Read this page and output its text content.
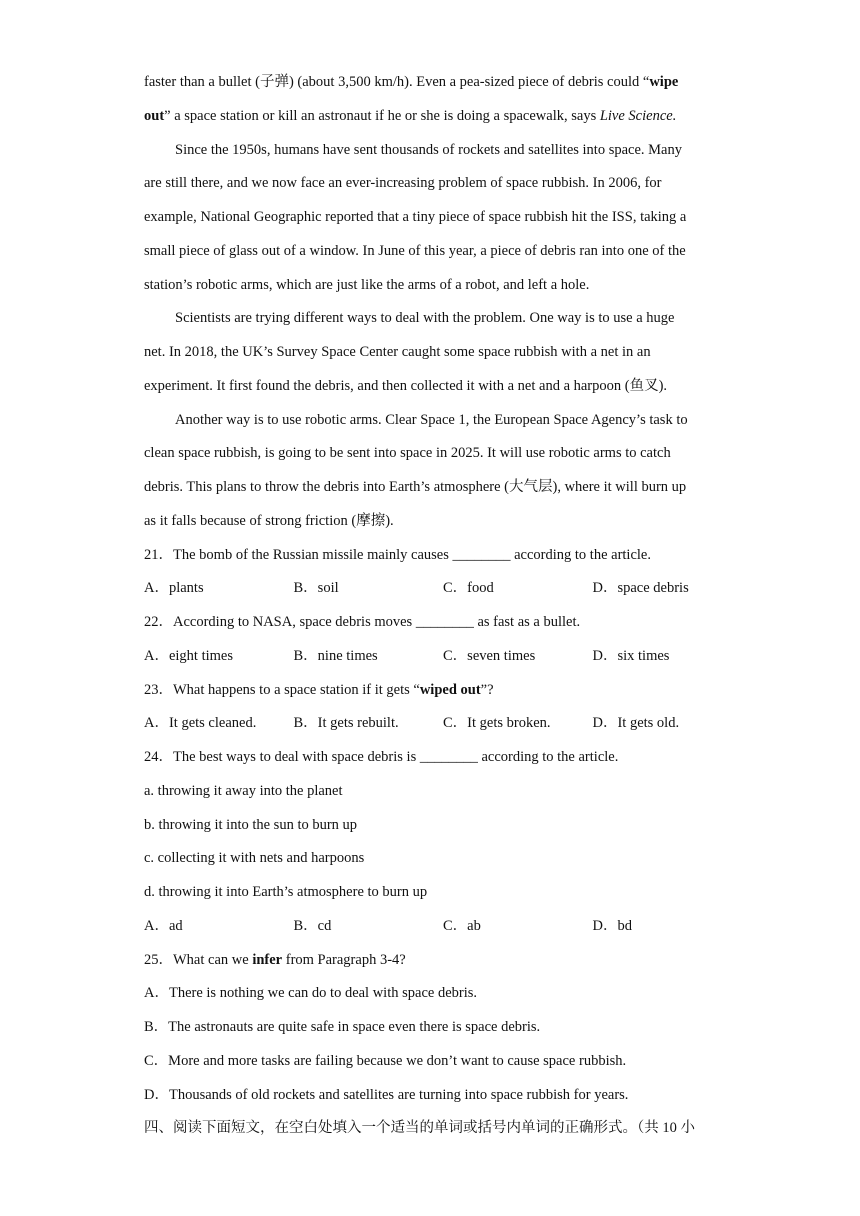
faster than a bullet (子弹) (about 3,500 km/h). Even a pea-sized piece of debris could “wipe
out” a space station or kill an astronaut if he or she is doing a spacewalk, says Live Science.
Since the 1950s, humans have sent thousands of rockets and satellites into space. Many
are still there, and we now face an ever-increasing problem of space rubbish. In 2006, for
example, National Geographic reported that a tiny piece of space rubbish hit the ISS, taking a
small piece of glass out of a window. In June of this year, a piece of debris ran into one of the
station’s robotic arms, which are just like the arms of a robot, and left a hole.
Scientists are trying different ways to deal with the problem. One way is to use a huge
net. In 2018, the UK’s Survey Space Center caught some space rubbish with a net in an
experiment. It first found the debris, and then collected it with a net and a harpoon (鱼叉).
Another way is to use robotic arms. Clear Space 1, the European Space Agency’s task to
clean space rubbish, is going to be sent into space in 2025. It will use robotic arms to catch
debris. This plans to throw the debris into Earth’s atmosphere (大气层), where it will burn up
as it falls because of strong friction (摩擦).
21．The bomb of the Russian missile mainly causes ________ according to the article.
A．plants	B．soil	C．food	D．space debris
22．According to NASA, space debris moves ________ as fast as a bullet.
A．eight times	B．nine times	C．seven times	D．six times
23．What happens to a space station if it gets “wiped out”?
A．It gets cleaned.	B．It gets rebuilt.	C．It gets broken.	D．It gets old.
24．The best ways to deal with space debris is ________ according to the article.
a. throwing it away into the planet
b. throwing it into the sun to burn up
c. collecting it with nets and harpoons
d. throwing it into Earth’s atmosphere to burn up
A．ad	B．cd	C．ab	D．bd
25．What can we infer from Paragraph 3-4?
A．There is nothing we can do to deal with space debris.
B．The astronauts are quite safe in space even there is space debris.
C．More and more tasks are failing because we don’t want to cause space rubbish.
D．Thousands of old rockets and satellites are turning into space rubbish for years.
四、阅读下面短文，在空白处填入一个适当的单词或括号内单词的正确形式。（共 10 小
